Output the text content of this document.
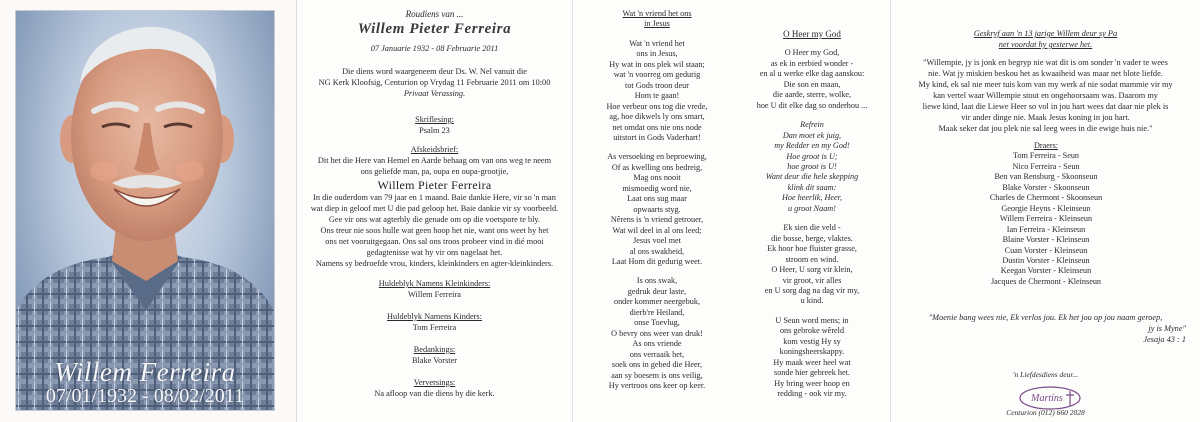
Willem Ferreira
07/01/1932 - 08/02/2011
Roudiens van ...
Willem Pieter Ferreira
07 Januarie 1932 - 08 Februarie 2011
Die diens word waargeneem deur Ds. W. Nel vanuit die
NG Kerk Kloofsig, Centurion op Vrydag 11 Februarie 2011 om 10:00
Privaat Verassing.
Skriflesing:
Psalm 23
Afskeidsbrief:
Dit het die Here van Hemel en Aarde behaag om van ons weg te neem
ons geliefde man, pa, oupa en oupa-grootjie,
Willem Pieter Ferreira
In die ouderdom van 79 jaar en 1 maand. Baie dankie Here, vir so 'n man
wat diep in geloof met U die pad geloop het. Baie dankie vir sy voorbeeld.
Gee vir ons wat agterbly die genade om op die voetspore te bly.
Ons treur nie soos hulle wat geen hoop het nie, want ons weet hy het
ons net vooruitgegaan. Ons sal ons troos probeer vind in dié mooi
gedagtenisse wat hy vir ons nagelaat het.
Namens sy bedroefde vrou, kinders, kleinkinders en agter-kleinkinders.
Huldeblyk Namens Kleinkinders:
Willem Ferreira
Huldeblyk Namens Kinders:
Tom Ferreira
Bedankings:
Blake Vorster
Verversings:
Na afloop van die diens by die kerk.

Wat 'n vriend het ons

in Jesus

Wat 'n vriend het

ons in Jesus,

Hy wat in ons plek wil staan;

wat 'n voorreg om gedurig

tot Gods troon deur

Hom te gaan!

Hoe verbeur ons tog die vrede,

ag, hoe dikwels ly ons smart,

net omdat ons nie ons node

uitstort in Gods Vaderhart!

As versoeking en beproewing,

Of as kwelling ons bedreig,

Mag ons nooit

mismoedig word nie,

Laat ons sug maar

opwaarts styg.

Nêrens is 'n vriend getrouer,

Wat wil deel in al ons leed;

Jesus voel met

al ons swakheid,

Laat Hom dit gedurig weet.

Is ons swak,

gedruk deur laste,

onder kommer neergebuk,

dierb're Heiland,

onse Toevlug,

O bevry ons weer van druk!

As ons vriende

ons verraaik het,

soek ons in gebed die Heer,

aan sy boesem is ons veilig,

Hy vertroos ons keer op keer.

O Heer my God

O Heer my God,

as ek in eerbied wonder -

en al u werke elke dag aanskou:

Die son en maan,

die aarde, sterre, wolke,

hoe U dit elke dag so onderhou ...

Refrein

Dan moet ek juig,

my Redder en my God!

Hoe groot is U;

hoe groot is U!

Want deur die hele skepping

klink dit saam:

Hoe heerlik, Heer,

u groot Naam!

Ek sien die veld -

die bosse, berge, vlaktes.

Ek hoor hoe fluister grasse,

stroom en wind.

O Heer, U sorg vir klein,

vir groot, vir alles

en U sorg dag na dag vir my,

u kind.

U Seun word mens; in

ons gebroke wêreld

kom vestig Hy sy

koningsheerskappy.

Hy maak weer heel wat

sonde hier gebreek het.

Hy bring weer hoop en

redding - ook vir my.

Geskryf aan 'n 13 jarige Willem deur sy Pa
net voordat hy gesterwe het.
"Willempie, jy is jonk en begryp nie wat dit is om sonder 'n vader te wees
nie. Wat jy miskien beskou het as kwaaiheid was maar net blote liefde.
My kind, ek sal nie meer tuis kom van my werk af nie sodat mammie vir my
kan vertel waar Willempie stout en ongehoorsaam was. Daarom my
liewe kind, laat die Liewe Heer so vol in jou hart wees dat daar nie plek is
vir ander dinge nie. Maak Jesus koning in jou hart.
Maak seker dat jou plek nie sal leeg wees in die ewige huis nie."

Draers:

Tom Ferreira - Seun

Nico Ferreira - Seun

Ben van Rensburg - Skoonseun

Blake Vorster - Skoonseun

Charles de Chermont - Skoonseun

Georgie Heyns - Kleinseun

Willem Ferreira - Kleinseun

Ian Ferreira - Kleinseun

Blaine Vorster - Kleinseun

Cuan Vorster - Kleinseun

Dustin Vorster - Kleinseun

Keegan Vorster - Kleinseun

Jacques de Chermont - Kleinseun

"Moenie bang wees nie, Ek verlos jou. Ek het jou op jou naam geroep,
jy is Myne"
Jesaja 43 : 1
'n Liefdesdiens deur...
Centurion (012) 660 2028
Martins
